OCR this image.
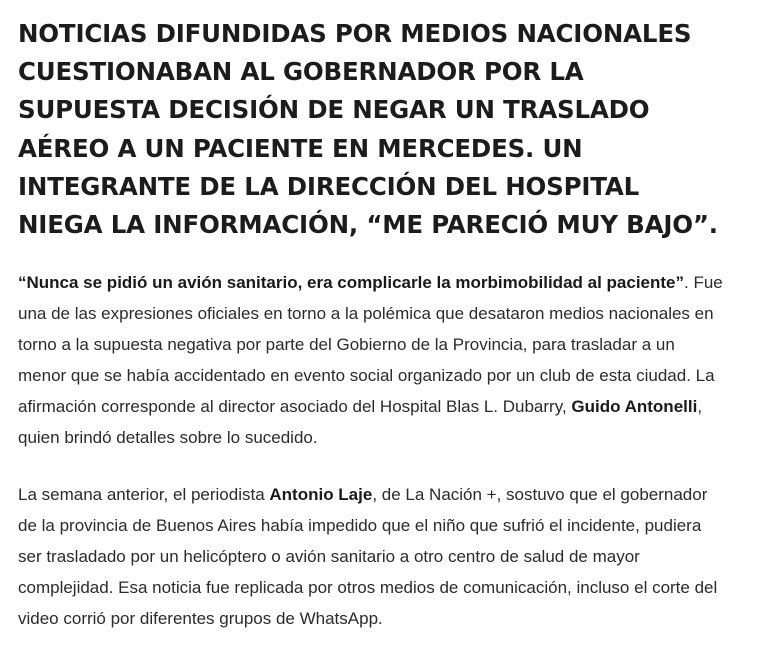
NOTICIAS DIFUNDIDAS POR MEDIOS NACIONALES CUESTIONABAN AL GOBERNADOR POR LA SUPUESTA DECISIÓN DE NEGAR UN TRASLADO AÉREO A UN PACIENTE EN MERCEDES. UN INTEGRANTE DE LA DIRECCIÓN DEL HOSPITAL NIEGA LA INFORMACIÓN, “ME PARECIÓ MUY BAJO”.

“Nunca se pidió un avión sanitario, era complicarle la morbimobilidad al paciente”. Fue una de las expresiones oficiales en torno a la polémica que desataron medios nacionales en torno a la supuesta negativa por parte del Gobierno de la Provincia, para trasladar a un menor que se había accidentado en evento social organizado por un club de esta ciudad. La afirmación corresponde al director asociado del Hospital Blas L. Dubarry, Guido Antonelli, quien brindó detalles sobre lo sucedido.

La semana anterior, el periodista Antonio Laje, de La Nación +, sostuvo que el gobernador de la provincia de Buenos Aires había impedido que el niño que sufrió el incidente, pudiera ser trasladado por un helicóptero o avión sanitario a otro centro de salud de mayor complejidad. Esa noticia fue replicada por otros medios de comunicación, incluso el corte del video corrió por diferentes grupos de WhatsApp.
